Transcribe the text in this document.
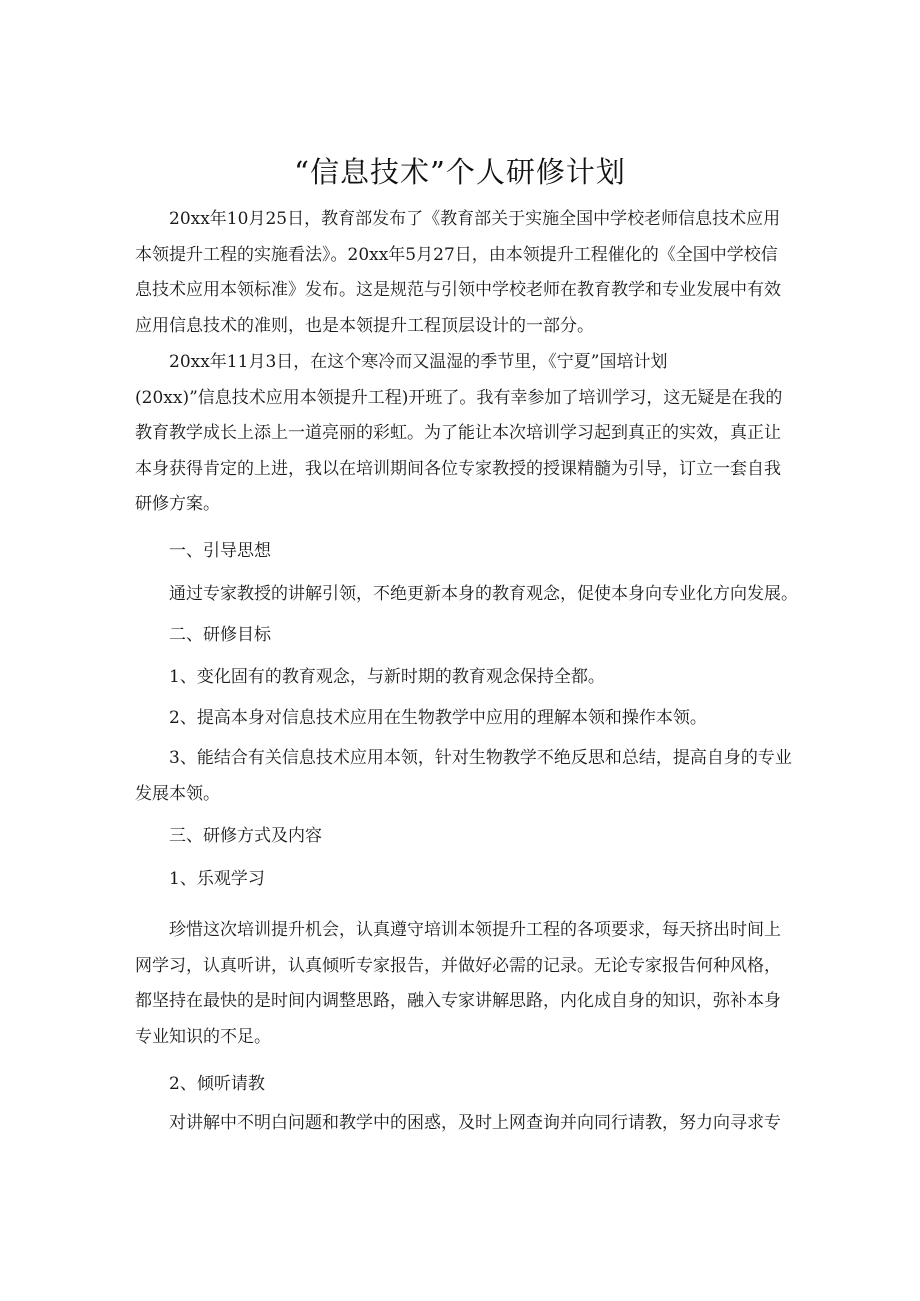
“信息技术”个人研修计划

20xx年10月25日，教育部发布了《教育部关于实施全国中学校老师信息技术应用
本领提升工程的实施看法》。20xx年5月27日，由本领提升工程催化的《全国中学校信
息技术应用本领标准》发布。这是规范与引领中学校老师在教育教学和专业发展中有效
应用信息技术的准则，也是本领提升工程顶层设计的一部分。

20xx年11月3日，在这个寒冷而又温湿的季节里，《宁夏”国培计划
(20xx)”信息技术应用本领提升工程)开班了。我有幸参加了培训学习，这无疑是在我的
教育教学成长上添上一道亮丽的彩虹。为了能让本次培训学习起到真正的实效，真正让
本身获得肯定的上进，我以在培训期间各位专家教授的授课精髓为引导，订立一套自我
研修方案。

一、引导思想
通过专家教授的讲解引领，不绝更新本身的教育观念，促使本身向专业化方向发展。
二、研修目标
1、变化固有的教育观念，与新时期的教育观念保持全都。
2、提高本身对信息技术应用在生物教学中应用的理解本领和操作本领。

3、能结合有关信息技术应用本领，针对生物教学不绝反思和总结，提高自身的专业
发展本领。

三、研修方式及内容
1、乐观学习

珍惜这次培训提升机会，认真遵守培训本领提升工程的各项要求，每天挤出时间上
网学习，认真听讲，认真倾听专家报告，并做好必需的记录。无论专家报告何种风格，
都坚持在最快的是时间内调整思路，融入专家讲解思路，内化成自身的知识，弥补本身
专业知识的不足。

2、倾听请教
对讲解中不明白问题和教学中的困惑，及时上网查询并向同行请教，努力向寻求专
